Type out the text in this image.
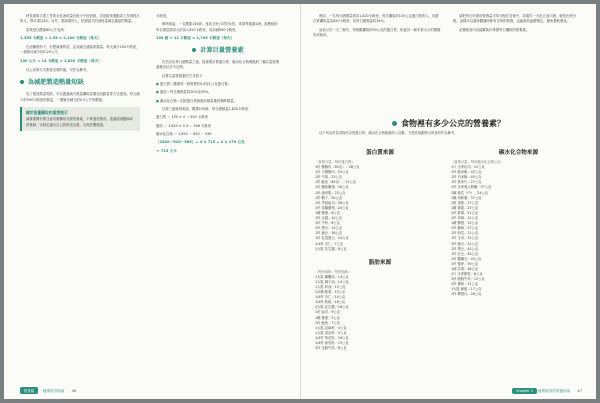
時長做事又要工作的女性消耗量比較少中度消耗。若是經常運動或工作消耗多的人，則可乘以35。另外，要減重的人，依照當天的消耗量減去適當的熱量。

如果是以體重60公斤為例：

1,355 卡路里 × 1.55 = 2,100 卡路里（每天）

在這種情形下，若想減重的話，必須減去適當的熱量。每天減少250卡路里，一週就可減少約0.25公斤。

130 公斤 × 14 卡路里 = 1,820 卡路里（每天）

以上計算方式都是估算的值，可作為參考。

為減肥製造熱量短缺

為了製造熱量短缺，可以透過減少熱量攝取並增加活動量等方式達成。每天減少約500卡路里的熱量，一週就可減少約0.5公斤的體重。

關於能量攝取的重要提示
減重期間仍要注意均衡攝取各類營養素，不要過度節食。建議諮詢醫師或營養師，以制定適合自己的飲食計畫，以免影響健康。

卡路里。

舉例來說，一名體重155磅、身高五呎六吋的女性，希望每週減1磅，那麼她的每日熱量需求大約為1,820卡路里，再扣減500卡路里。

155 磅 × 11 卡路里 = 1,705 卡路里（每天）
計算巨量營養素

在估計出每日總熱量之後，接著要計算蛋白質、碳水化合物與脂肪三種巨量營養素應各佔多少比例。

計算巨量營養素的方式如下：

● 蛋白質＝體重每一磅需要約0.8至1公克蛋白質。

● 脂肪＝每日總熱量的20%至35%。

● 碳水化合物＝扣除蛋白質與脂肪熱量後的剩餘熱量。

以第三個案例來說，體重155磅，每日總熱量1,820卡路里：

蛋白質 ＝ 155 × 4 ＝ 620 卡路里

脂肪 ＝ 1,820 × 0.3 ＝ 546 卡路里

碳水化合物 ＝ 1,820 － 620 － 546

（1820－620－585）÷ 4 ≒ 715 ÷ 4 ≒ 179 公克
＝ 715 大卡
飲食篇 ・健康飲食指南 46

例如，一名每天總熱量需求1,820卡路里、每天攝取約155公克蛋白質的人，其蛋白質攝取量為620卡路里，佔每日總熱量約34%。

這表示在一天三餐中，每餐應攝取約50公克的蛋白質，相當於一個手掌大小的雞胸肉或魚肉。

請把每天所需的營養量平均分配在各餐中，如果你一天吃五到六餐，就依比例分配。這樣可以讓身體隨時都有足夠的營養，也能維持血糖穩定，避免暴飲暴食。

記錄飲食內容能幫助你掌握每日攝取的營養素。

食物裡有多少公克的營養素？
以下列出常見食物所含的蛋白質、碳水化合物與脂肪公克數，方便你規劃每日飲食時作為參考。
蛋白質來源
（食物分量／每份蛋白質）
1份 雞胸肉（85克）／26公克
1份 火雞胸肉／25公克
1份 牛排／23公克
1份 鮭魚（85克）／22公克
1份 鮪魚罐頭／20公克
1份 豬里肌／22公克
1份 蝦子／20公克
1杯 茅屋起司／28公克
1杯 希臘優格／20公克
1顆 雞蛋／6公克
1份 豆腐／10公克
1杯 牛奶／8公克
1杯 黑豆／15公克
1杯 扁豆／18公克
1份 乳清蛋白／24公克
1/4杯 杏仁／7公克
2大匙 花生醬／8公克
脂肪來源
（每份食物／每份脂肪）
1大匙 橄欖油／14公克
1大匙 椰子油／14公克
1大匙 奶油／12公克
1/2顆 酪梨／15公克
1/4杯 杏仁／14公克
1/4杯 核桃／18公克
2大匙 花生醬／16公克
1份 起司／9公克
1顆 雞蛋／5公克
1份 鮭魚／7公克
1大匙 亞麻籽／4公克
1大匙 奇亞籽／5公克
1/4杯 葵花籽／16公克
1/4杯 南瓜籽／13公克
1杯 全脂牛奶／8公克
碳水化合物來源
（食物分量／每份碳水化合物公克）
1片 全麥吐司／12公克
1杯 糙米飯／45公克
1杯 白米飯／45公克
1杯 燕麥片／27公克
1杯 全麥義大利麵／37公克
1顆 地瓜（中）／24公克
1顆 馬鈴薯／37公克
1根 香蕉／27公克
1顆 蘋果／25公克
1杯 藍莓／21公克
1杯 草莓／12公克
1顆 柳橙／15公克
1杯 葡萄／27公克
1杯 西瓜／11公克
1杯 玉米／31公克
1杯 豌豆／21公克
1杯 黑豆／41公克
1杯 紅豆／40公克
1杯 鷹嘴豆／45公克
1杯 藜麥／39公克
1個 貝果／48公克
1片 全麥餅乾／8公克
1杯 脫脂牛奶／12公克
1杯 優格／17公克
1大匙 蜂蜜／17公克
1杯 柳橙汁／26公克
Chapter 3 健康飲食的營養指南 47
